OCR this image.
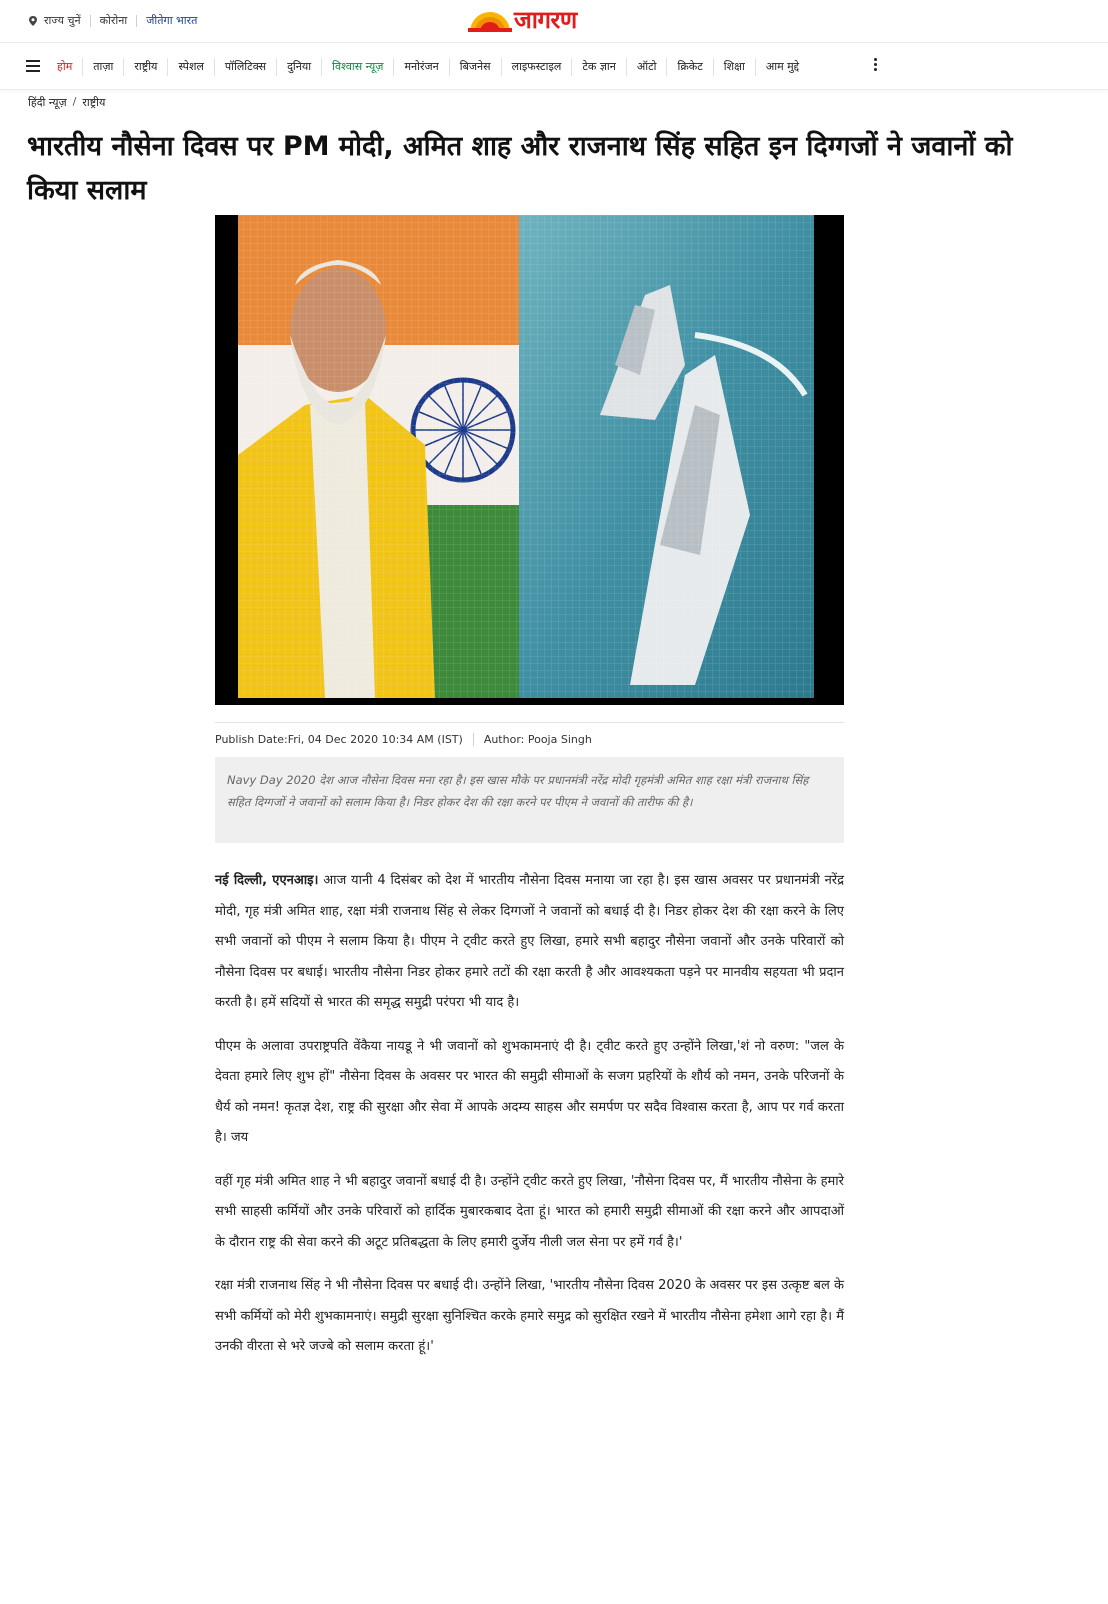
राज्य चुनें कोरोना जीतेगा भारत	जागरण
होम	ताज़ा	राष्ट्रीय	स्पेशल	पॉलिटिक्स	दुनिया	विश्वास न्यूज़	मनोरंजन	बिजनेस	लाइफस्टाइल	टेक ज्ञान	ऑटो	क्रिकेट	शिक्षा	आम मुद्दे
हिंदी न्यूज़ / राष्ट्रीय
भारतीय नौसेना दिवस पर PM मोदी, अमित शाह और राजनाथ सिंह सहित इन दिग्गजों ने जवानों को किया सलाम
Publish Date:Fri, 04 Dec 2020 10:34 AM (IST) Author: Pooja Singh
Navy Day 2020 देश आज नौसेना दिवस मना रहा है। इस खास मौके पर प्रधानमंत्री नरेंद्र मोदी गृहमंत्री अमित शाह रक्षा मंत्री राजनाथ सिंह सहित दिग्गजों ने जवानों को सलाम किया है। निडर होकर देश की रक्षा करने पर पीएम ने जवानों की तारीफ की है।

नई दिल्ली, एएनआइ। आज यानी 4 दिसंबर को देश में भारतीय नौसेना दिवस मनाया जा रहा है। इस खास अवसर पर प्रधानमंत्री नरेंद्र मोदी, गृह मंत्री अमित शाह, रक्षा मंत्री राजनाथ सिंह से लेकर दिग्गजों ने जवानों को बधाई दी है। निडर होकर देश की रक्षा करने के लिए सभी जवानों को पीएम ने सलाम किया है। पीएम ने ट्वीट करते हुए लिखा, हमारे सभी बहादुर नौसेना जवानों और उनके परिवारों को नौसेना दिवस पर बधाई। भारतीय नौसेना निडर होकर हमारे तटों की रक्षा करती है और आवश्यकता पड़ने पर मानवीय सहयता भी प्रदान करती है। हमें सदियों से भारत की समृद्ध समुद्री परंपरा भी याद है।

पीएम के अलावा उपराष्ट्रपति वेंकैया नायडू ने भी जवानों को शुभकामनाएं दी है। ट्वीट करते हुए उन्होंने लिखा,'शं नो वरुण: "जल के देवता हमारे लिए शुभ हों" नौसेना दिवस के अवसर पर भारत की समुद्री सीमाओं के सजग प्रहरियों के शौर्य को नमन, उनके परिजनों के धैर्य को नमन! कृतज्ञ देश, राष्ट्र की सुरक्षा और सेवा में आपके अदम्य साहस और समर्पण पर सदैव विश्वास करता है, आप पर गर्व करता है। जय

वहीं गृह मंत्री अमित शाह ने भी बहादुर जवानों बधाई दी है। उन्होंने ट्वीट करते हुए लिखा, 'नौसेना दिवस पर, मैं भारतीय नौसेना के हमारे सभी साहसी कर्मियों और उनके परिवारों को हार्दिक मुबारकबाद देता हूं। भारत को हमारी समुद्री सीमाओं की रक्षा करने और आपदाओं के दौरान राष्ट्र की सेवा करने की अटूट प्रतिबद्धता के लिए हमारी दुर्जेय नीली जल सेना पर हमें गर्व है।'

रक्षा मंत्री राजनाथ सिंह ने भी नौसेना दिवस पर बधाई दी। उन्होंने लिखा, 'भारतीय नौसेना दिवस 2020 के अवसर पर इस उत्कृष्ट बल के सभी कर्मियों को मेरी शुभकामनाएं। समुद्री सुरक्षा सुनिश्चित करके हमारे समुद्र को सुरक्षित रखने में भारतीय नौसेना हमेशा आगे रहा है। मैं उनकी वीरता से भरे जज्बे को सलाम करता हूं।'
